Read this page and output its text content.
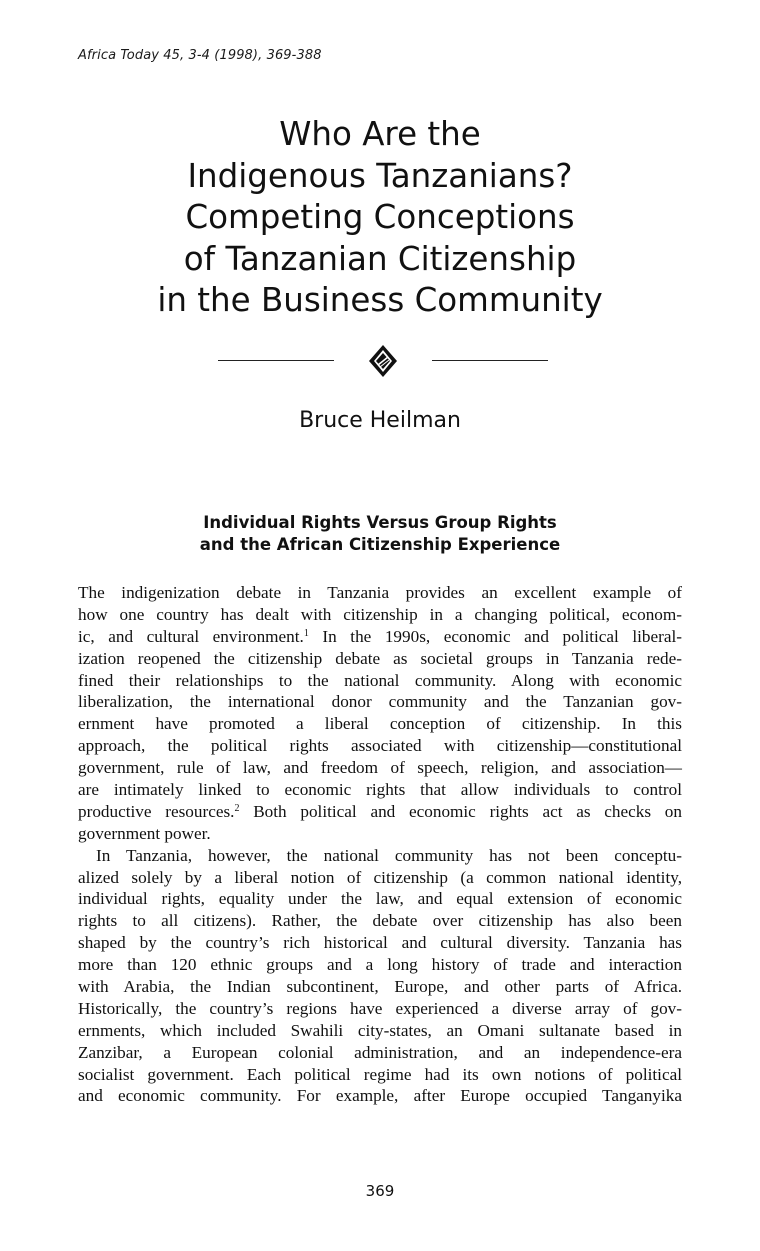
Africa Today 45, 3-4 (1998), 369-388
Who Are the
Indigenous Tanzanians?
Competing Conceptions
of Tanzanian Citizenship
in the Business Community
Bruce Heilman
Individual Rights Versus Group Rights
and the African Citizenship Experience
The indigenization debate in Tanzania provides an excellent example of
how one country has dealt with citizenship in a changing political, econom-
ic, and cultural environment.$^1$ In the 1990s, economic and political liberal-
ization reopened the citizenship debate as societal groups in Tanzania rede-
fined their relationships to the national community. Along with economic
liberalization, the international donor community and the Tanzanian gov-
ernment have promoted a liberal conception of citizenship. In this
approach, the political rights associated with citizenship—constitutional
government, rule of law, and freedom of speech, religion, and association—
are intimately linked to economic rights that allow individuals to control
productive resources.$^2$ Both political and economic rights act as checks on
government power.
In Tanzania, however, the national community has not been conceptu-
alized solely by a liberal notion of citizenship (a common national identity,
individual rights, equality under the law, and equal extension of economic
rights to all citizens). Rather, the debate over citizenship has also been
shaped by the country’s rich historical and cultural diversity. Tanzania has
more than 120 ethnic groups and a long history of trade and interaction
with Arabia, the Indian subcontinent, Europe, and other parts of Africa.
Historically, the country’s regions have experienced a diverse array of gov-
ernments, which included Swahili city-states, an Omani sultanate based in
Zanzibar, a European colonial administration, and an independence-era
socialist government. Each political regime had its own notions of political
and economic community. For example, after Europe occupied Tanganyika
369
